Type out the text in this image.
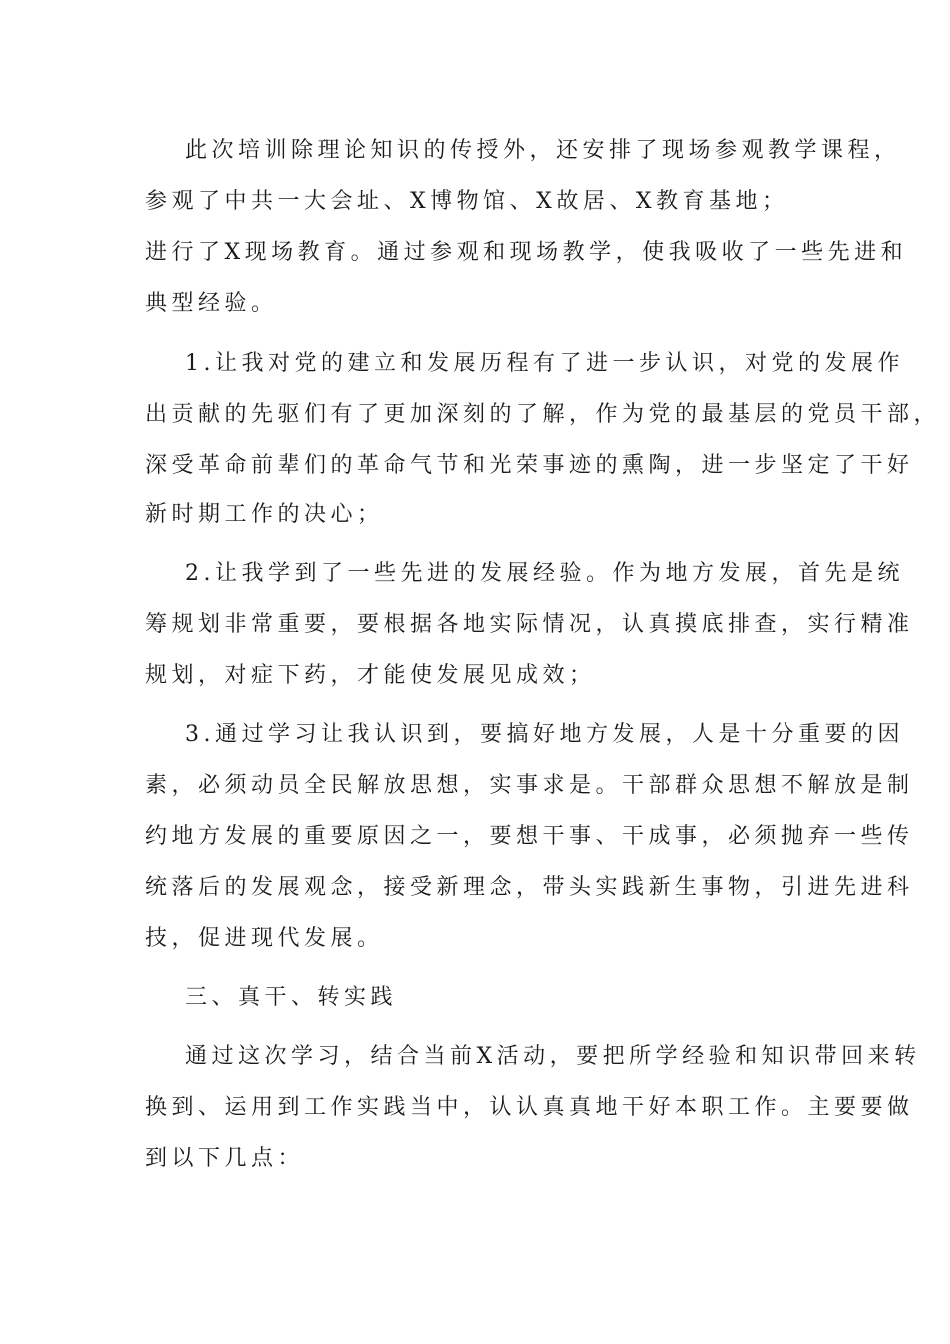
此次培训除理论知识的传授外，还安排了现场参观教学课程，
参观了中共一大会址、X博物馆、X故居、X教育基地；
进行了X现场教育。通过参观和现场教学，使我吸收了一些先进和
典型经验。
1.让我对党的建立和发展历程有了进一步认识，对党的发展作
出贡献的先驱们有了更加深刻的了解，作为党的最基层的党员干部，
深受革命前辈们的革命气节和光荣事迹的熏陶，进一步坚定了干好
新时期工作的决心；
2.让我学到了一些先进的发展经验。作为地方发展，首先是统
筹规划非常重要，要根据各地实际情况，认真摸底排查，实行精准
规划，对症下药，才能使发展见成效；
3.通过学习让我认识到，要搞好地方发展，人是十分重要的因
素，必须动员全民解放思想，实事求是。干部群众思想不解放是制
约地方发展的重要原因之一，要想干事、干成事，必须抛弃一些传
统落后的发展观念，接受新理念，带头实践新生事物，引进先进科
技，促进现代发展。
三、真干、转实践
通过这次学习，结合当前X活动，要把所学经验和知识带回来转
换到、运用到工作实践当中，认认真真地干好本职工作。主要要做
到以下几点：
